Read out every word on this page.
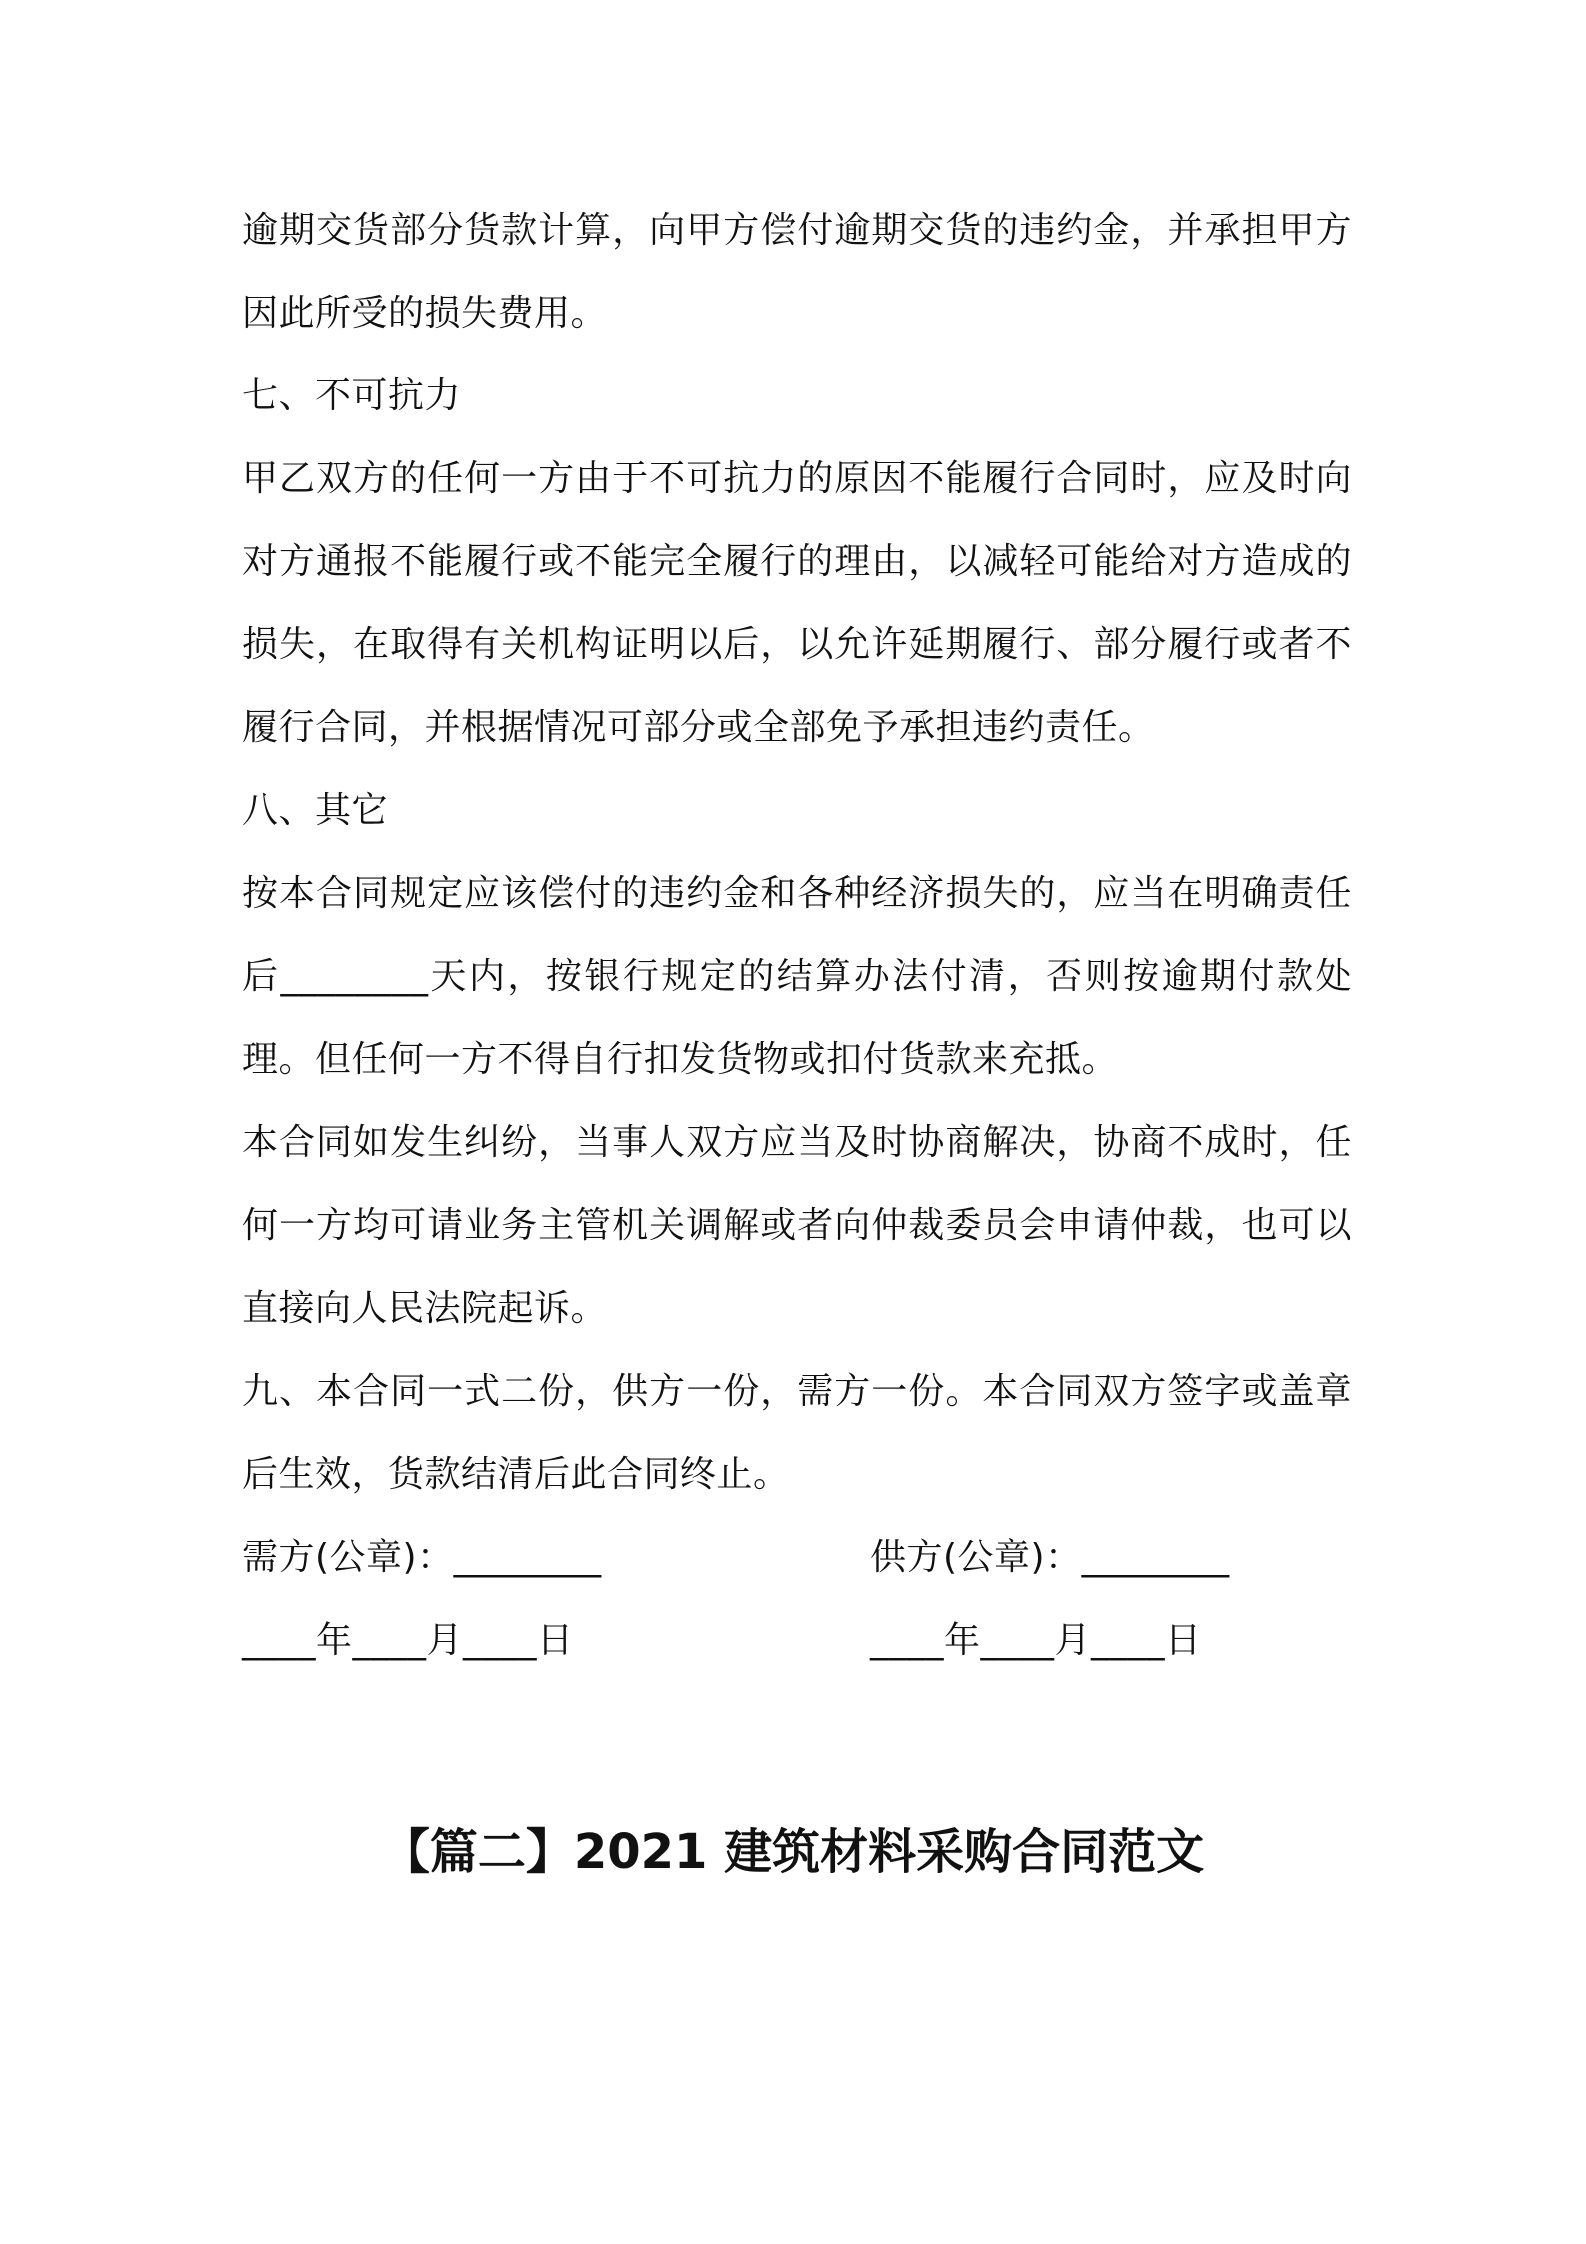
逾期交货部分货款计算，向甲方偿付逾期交货的违约金，并承担甲方
因此所受的损失费用。
七、不可抗力
甲乙双方的任何一方由于不可抗力的原因不能履行合同时，应及时向
对方通报不能履行或不能完全履行的理由，以减轻可能给对方造成的
损失，在取得有关机构证明以后，以允许延期履行、部分履行或者不
履行合同，并根据情况可部分或全部免予承担违约责任。
八、其它
按本合同规定应该偿付的违约金和各种经济损失的，应当在明确责任
后________天内，按银行规定的结算办法付清，否则按逾期付款处
理。但任何一方不得自行扣发货物或扣付货款来充抵。
本合同如发生纠纷，当事人双方应当及时协商解决，协商不成时，任
何一方均可请业务主管机关调解或者向仲裁委员会申请仲裁，也可以
直接向人民法院起诉。
九、本合同一式二份，供方一份，需方一份。本合同双方签字或盖章
后生效，货款结清后此合同终止。
需方(公章)：________	供方(公章)：________
____年____月____日	____年____月____日
【篇二】2021 建筑材料采购合同范文
